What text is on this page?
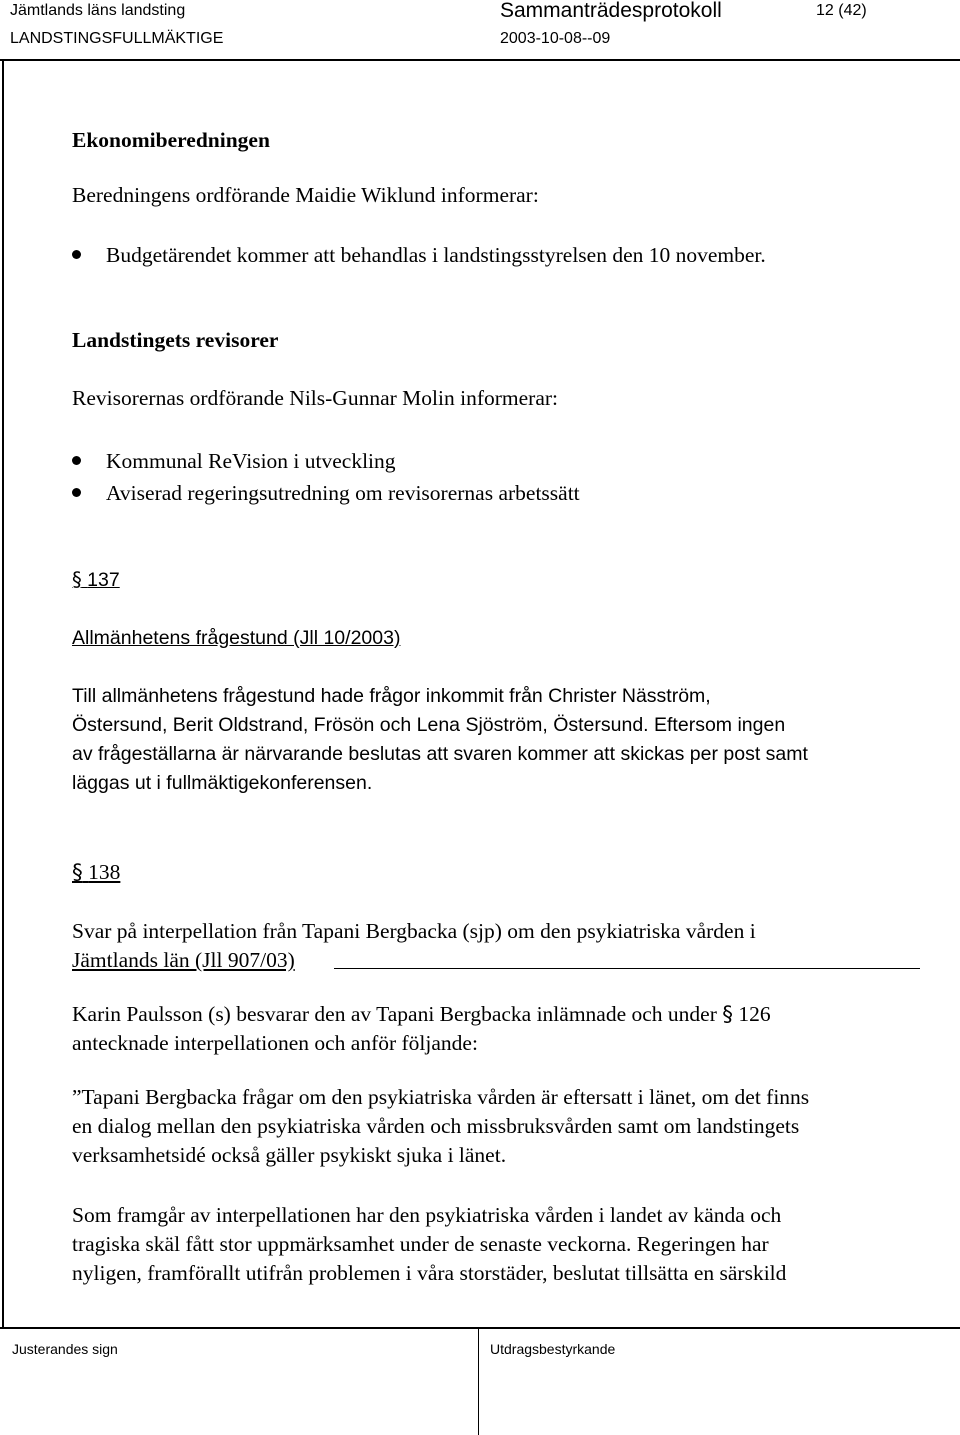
Jämtlands läns landsting	Sammanträdesprotokoll	12 (42)
LANDSTINGSFULLMÄKTIGE	2003-10-08--09
Ekonomiberedningen
Beredningens ordförande Maidie Wiklund informerar:
Budgetärendet kommer att behandlas i landstingsstyrelsen den 10 november.
Landstingets revisorer
Revisorernas ordförande Nils-Gunnar Molin informerar:
Kommunal ReVision i utveckling
Aviserad regeringsutredning om revisorernas arbetssätt
§ 137
Allmänhetens frågestund (Jll 10/2003)
Till allmänhetens frågestund hade frågor inkommit från Christer Näsström,
Östersund, Berit Oldstrand, Frösön och Lena Sjöström, Östersund. Eftersom ingen
av frågeställarna är närvarande beslutas att svaren kommer att skickas per post samt
läggas ut i fullmäktigekonferensen.
§ 138
Svar på interpellation från Tapani Bergbacka (sjp) om den psykiatriska vården i
Jämtlands län (Jll 907/03)
Karin Paulsson (s) besvarar den av Tapani Bergbacka inlämnade och under § 126
antecknade interpellationen och anför följande:
”Tapani Bergbacka frågar om den psykiatriska vården är eftersatt i länet, om det finns
en dialog mellan den psykiatriska vården och missbruksvården samt om landstingets
verksamhetsidé också gäller psykiskt sjuka i länet.
Som framgår av interpellationen har den psykiatriska vården i landet av kända och
tragiska skäl fått stor uppmärksamhet under de senaste veckorna. Regeringen har
nyligen, framförallt utifrån problemen i våra storstäder, beslutat tillsätta en särskild
Justerandes sign	Utdragsbestyrkande
